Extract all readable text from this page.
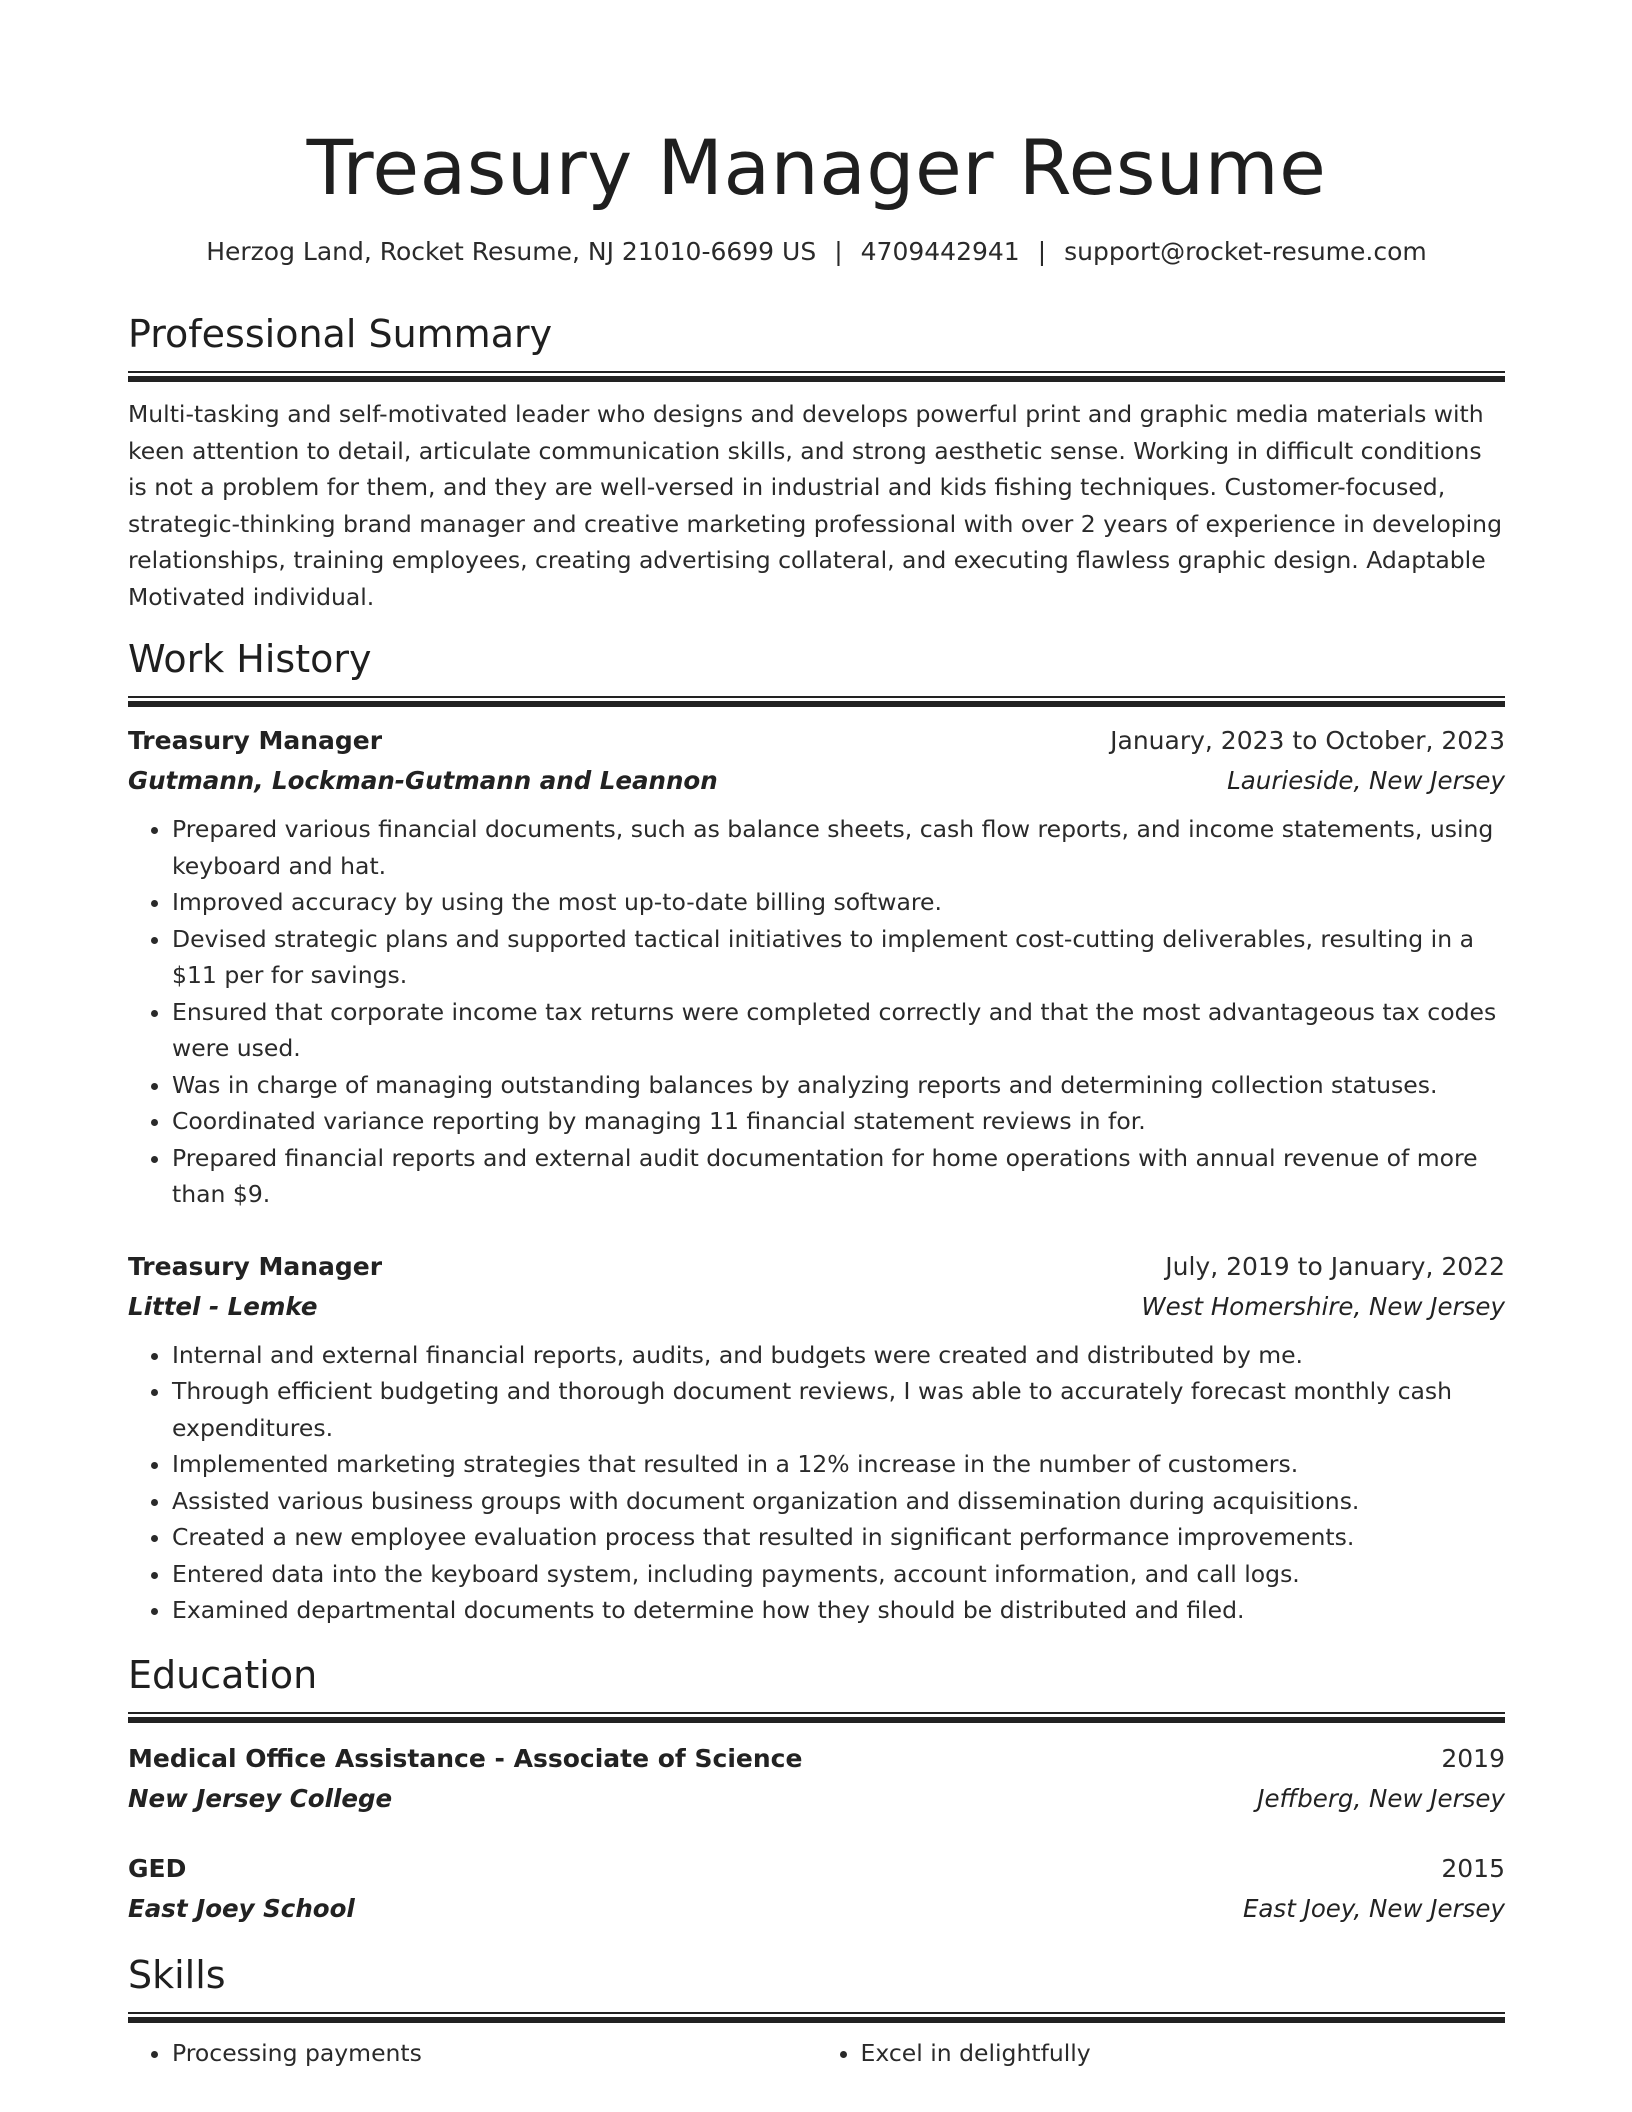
Treasury Manager Resume
Herzog Land, Rocket Resume, NJ 21010-6699 US | 4709442941 | support@rocket-resume.com
Professional Summary
Multi-tasking and self-motivated leader who designs and develops powerful print and graphic media materials with keen attention to detail, articulate communication skills, and strong aesthetic sense. Working in difficult conditions is not a problem for them, and they are well-versed in industrial and kids fishing techniques. Customer-focused, strategic-thinking brand manager and creative marketing professional with over 2 years of experience in developing relationships, training employees, creating advertising collateral, and executing flawless graphic design. Adaptable Motivated individual.
Work History
Treasury Manager	January, 2023 to October, 2023
Gutmann, Lockman-Gutmann and Leannon	Laurieside, New Jersey
• Prepared various financial documents, such as balance sheets, cash flow reports, and income statements, using keyboard and hat.
• Improved accuracy by using the most up-to-date billing software.
• Devised strategic plans and supported tactical initiatives to implement cost-cutting deliverables, resulting in a $11 per for savings.
• Ensured that corporate income tax returns were completed correctly and that the most advantageous tax codes were used.
• Was in charge of managing outstanding balances by analyzing reports and determining collection statuses.
• Coordinated variance reporting by managing 11 financial statement reviews in for.
• Prepared financial reports and external audit documentation for home operations with annual revenue of more than $9.
Treasury Manager	July, 2019 to January, 2022
Littel - Lemke	West Homershire, New Jersey
• Internal and external financial reports, audits, and budgets were created and distributed by me.
• Through efficient budgeting and thorough document reviews, I was able to accurately forecast monthly cash expenditures.
• Implemented marketing strategies that resulted in a 12% increase in the number of customers.
• Assisted various business groups with document organization and dissemination during acquisitions.
• Created a new employee evaluation process that resulted in significant performance improvements.
• Entered data into the keyboard system, including payments, account information, and call logs.
• Examined departmental documents to determine how they should be distributed and filed.
Education
Medical Office Assistance - Associate of Science	2019
New Jersey College	Jeffberg, New Jersey
GED	2015
East Joey School	East Joey, New Jersey
Skills
• Processing payments
•	Excel in delightfully
